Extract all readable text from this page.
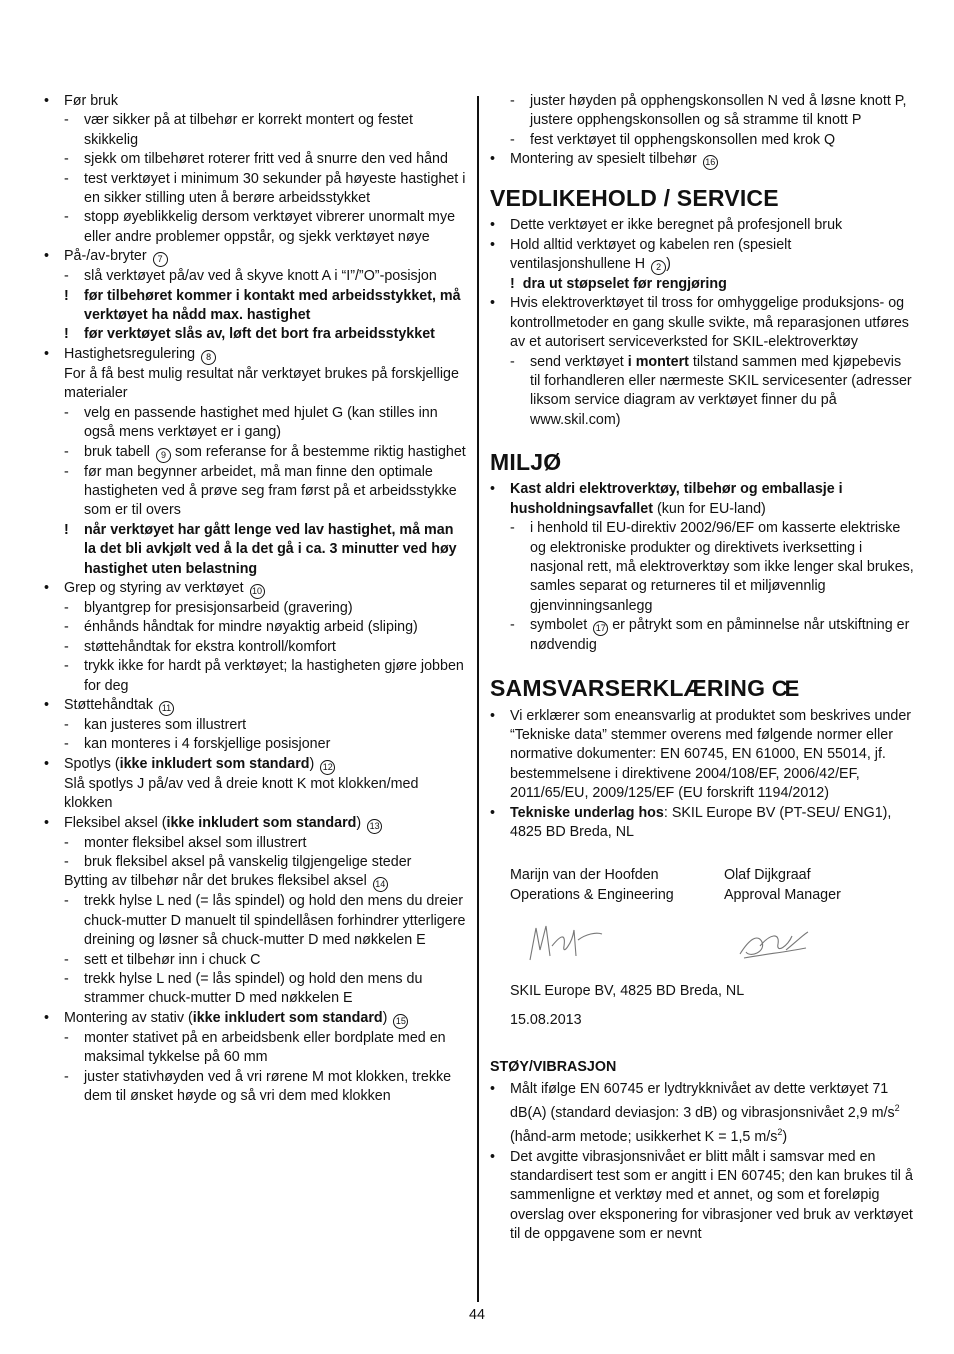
• Før bruk
- vær sikker på at tilbehør er korrekt montert og festet skikkelig
- sjekk om tilbehøret roterer fritt ved å snurre den ved hånd
- test verktøyet i minimum 30 sekunder på høyeste hastighet i en sikker stilling uten å berøre arbeidsstykket
- stopp øyeblikkelig dersom verktøyet vibrerer unormalt mye eller andre problemer oppstår, og sjekk verktøyet nøye
• På-/av-bryter 7
- slå verktøyet på/av ved å skyve knott A i “I”/”O”-posisjon
! før tilbehøret kommer i kontakt med arbeidsstykket, må verktøyet ha nådd max. hastighet
! før verktøyet slås av, løft det bort fra arbeidsstykket
• Hastighetsregulering 8
For å få best mulig resultat når verktøyet brukes på forskjellige materialer
- velg en passende hastighet med hjulet G (kan stilles inn også mens verktøyet er i gang)
- bruk tabell 9 som referanse for å bestemme riktig hastighet
- før man begynner arbeidet, må man finne den optimale hastigheten ved å prøve seg fram først på et arbeidsstykke som er til overs
! når verktøyet har gått lenge ved lav hastighet, må man la det bli avkjølt ved å la det gå i ca. 3 minutter ved høy hastighet uten belastning
• Grep og styring av verktøyet 10
- blyantgrep for presisjonsarbeid (gravering)
- énhånds håndtak for mindre nøyaktig arbeid (sliping)
- støttehåndtak for ekstra kontroll/komfort
- trykk ikke for hardt på verktøyet; la hastigheten gjøre jobben for deg
• Støttehåndtak 11
- kan justeres som illustrert
- kan monteres i 4 forskjellige posisjoner
• Spotlys (ikke inkludert som standard) 12
Slå spotlys J på/av ved å dreie knott K mot klokken/med klokken
• Fleksibel aksel (ikke inkludert som standard) 13
- monter fleksibel aksel som illustrert
- bruk fleksibel aksel på vanskelig tilgjengelige steder
Bytting av tilbehør når det brukes fleksibel aksel 14
- trekk hylse L ned (= lås spindel) og hold den mens du dreier chuck-mutter D manuelt til spindellåsen forhindrer ytterligere dreining og løsner så chuck-mutter D med nøkkelen E
- sett et tilbehør inn i chuck C
- trekk hylse L ned (= lås spindel) og hold den mens du strammer chuck-mutter D med nøkkelen E
• Montering av stativ (ikke inkludert som standard) 15
- monter stativet på en arbeidsbenk eller bordplate med en maksimal tykkelse på 60 mm
- juster stativhøyden ved å vri rørene M mot klokken, trekke dem til ønsket høyde og så vri dem med klokken
- juster høyden på opphengskonsollen N ved å løsne knott P, justere opphengskonsollen og så stramme til knott P
- fest verktøyet til opphengskonsollen med krok Q
• Montering av spesielt tilbehør 16
VEDLIKEHOLD / SERVICE
• Dette verktøyet er ikke beregnet på profesjonell bruk
• Hold alltid verktøyet og kabelen ren (spesielt ventilasjonshullene H 2 )
!  dra ut støpselet før rengjøring
• Hvis elektroverktøyet til tross for omhyggelige produksjons- og kontrollmetoder en gang skulle svikte, må reparasjonen utføres av et autorisert serviceverksted for SKIL-elektroverktøy
- send verktøyet i montert tilstand sammen med kjøpebevis til forhandleren eller nærmeste SKIL servicesenter (adresser liksom service diagram av verktøyet finner du på www.skil.com)
MILJØ
• Kast aldri elektroverktøy, tilbehør og emballasje i husholdningsavfallet (kun for EU-land)
- i henhold til EU-direktiv 2002/96/EF om kasserte elektriske og elektroniske produkter og direktivets iverksetting i nasjonal rett, må elektroverktøy som ikke lenger skal brukes, samles separat og returneres til et miljøvennlig gjenvinningsanlegg
- symbolet 17 er påtrykt som en påminnelse når utskiftning er nødvendig
SAMSVARSERKLÆRING CE
• Vi erklærer som eneansvarlig at produktet som beskrives under “Tekniske data” stemmer overens med følgende normer eller normative dokumenter: EN 60745, EN 61000, EN 55014, jf. bestemmelsene i direktivene 2004/108/EF, 2006/42/EF, 2011/65/EU, 2009/125/EF (EU forskrift 1194/2012)
• Tekniske underlag hos: SKIL Europe BV (PT-SEU/ ENG1), 4825 BD Breda, NL
Marijn van der Hoofden
Operations & Engineering
Olaf Dijkgraaf
Approval Manager
SKIL Europe BV, 4825 BD Breda, NL
15.08.2013
STØY/VIBRASJON
• Målt ifølge EN 60745 er lydtrykknivået av dette verktøyet 71 dB(A) (standard deviasjon: 3 dB) og vibrasjonsnivået 2,9 $m/s^2$ (hånd-arm metode; usikkerhet K = 1,5 $m/s^2$)
• Det avgitte vibrasjonsnivået er blitt målt i samsvar med en standardisert test som er angitt i EN 60745; den kan brukes til å sammenligne et verktøy med et annet, og som et foreløpig overslag over eksponering for vibrasjoner ved bruk av verktøyet til de oppgavene som er nevnt
44
